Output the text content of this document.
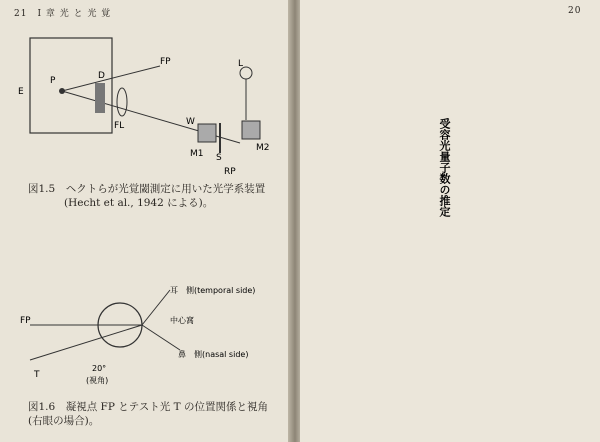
21　I 章 光 と 光 覚
E
P
FP
D
FL	W
M1 S
RP
M2
L
図1.5　ヘクトらが光覚閾測定に用いた光学系装置
(Hecht et al., 1942 による)。
FP
T
耳　側(temporal side)
中心窩
鼻　側(nasal side)
20°
(視角)
図1.6　凝視点 FP とテスト光 T の位置関係と視角 (右眼の場合)。
20
受容光量子数の推定
